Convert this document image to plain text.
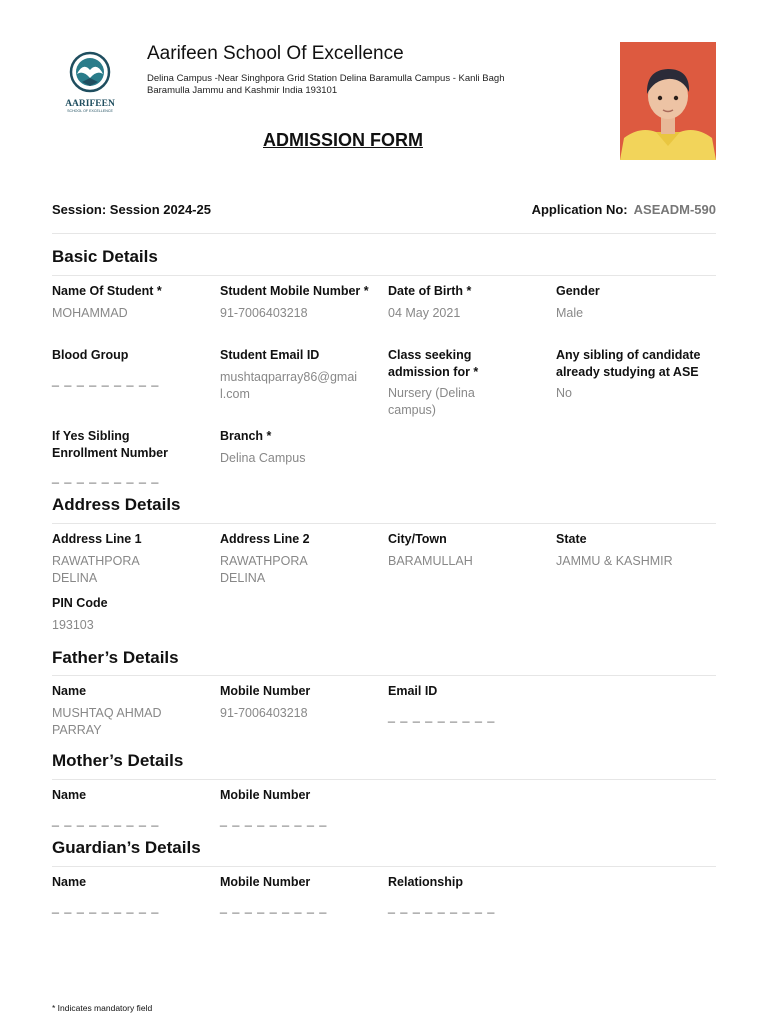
AARIFEEN
SCHOOL OF EXCELLENCE
Aarifeen School Of Excellence
Delina Campus -Near Singhpora Grid Station Delina Baramulla Campus - Kanli Bagh
Baramulla Jammu and Kashmir India 193101
ADMISSION FORM
Session: Session 2024-25	Application No: ASEADM-590
Basic Details
Name Of Student *
MOHAMMAD
Student Mobile Number *
91-7006403218
Date of Birth *
04 May 2021
Gender
Male
Blood Group
_ _ _ _ _ _ _ _ _
Student Email ID
mushtaqparray86@gmail.com
Class seeking admission for *
Nursery (Delina campus)
Any sibling of candidate already studying at ASE
No
If Yes Sibling Enrollment Number
_ _ _ _ _ _ _ _ _
Branch *
Delina Campus
Address Details
Address Line 1
RAWATHPORA DELINA
Address Line 2
RAWATHPORA DELINA
City/Town
BARAMULLAH
State
JAMMU & KASHMIR
PIN Code
193103
Father’s Details
Name
MUSHTAQ AHMAD PARRAY
Mobile Number
91-7006403218
Email ID
_ _ _ _ _ _ _ _ _
Mother’s Details
Name
_ _ _ _ _ _ _ _ _
Mobile Number
_ _ _ _ _ _ _ _ _
Guardian’s Details
Name
_ _ _ _ _ _ _ _ _
Mobile Number
_ _ _ _ _ _ _ _ _
Relationship
_ _ _ _ _ _ _ _ _
* Indicates mandatory field
